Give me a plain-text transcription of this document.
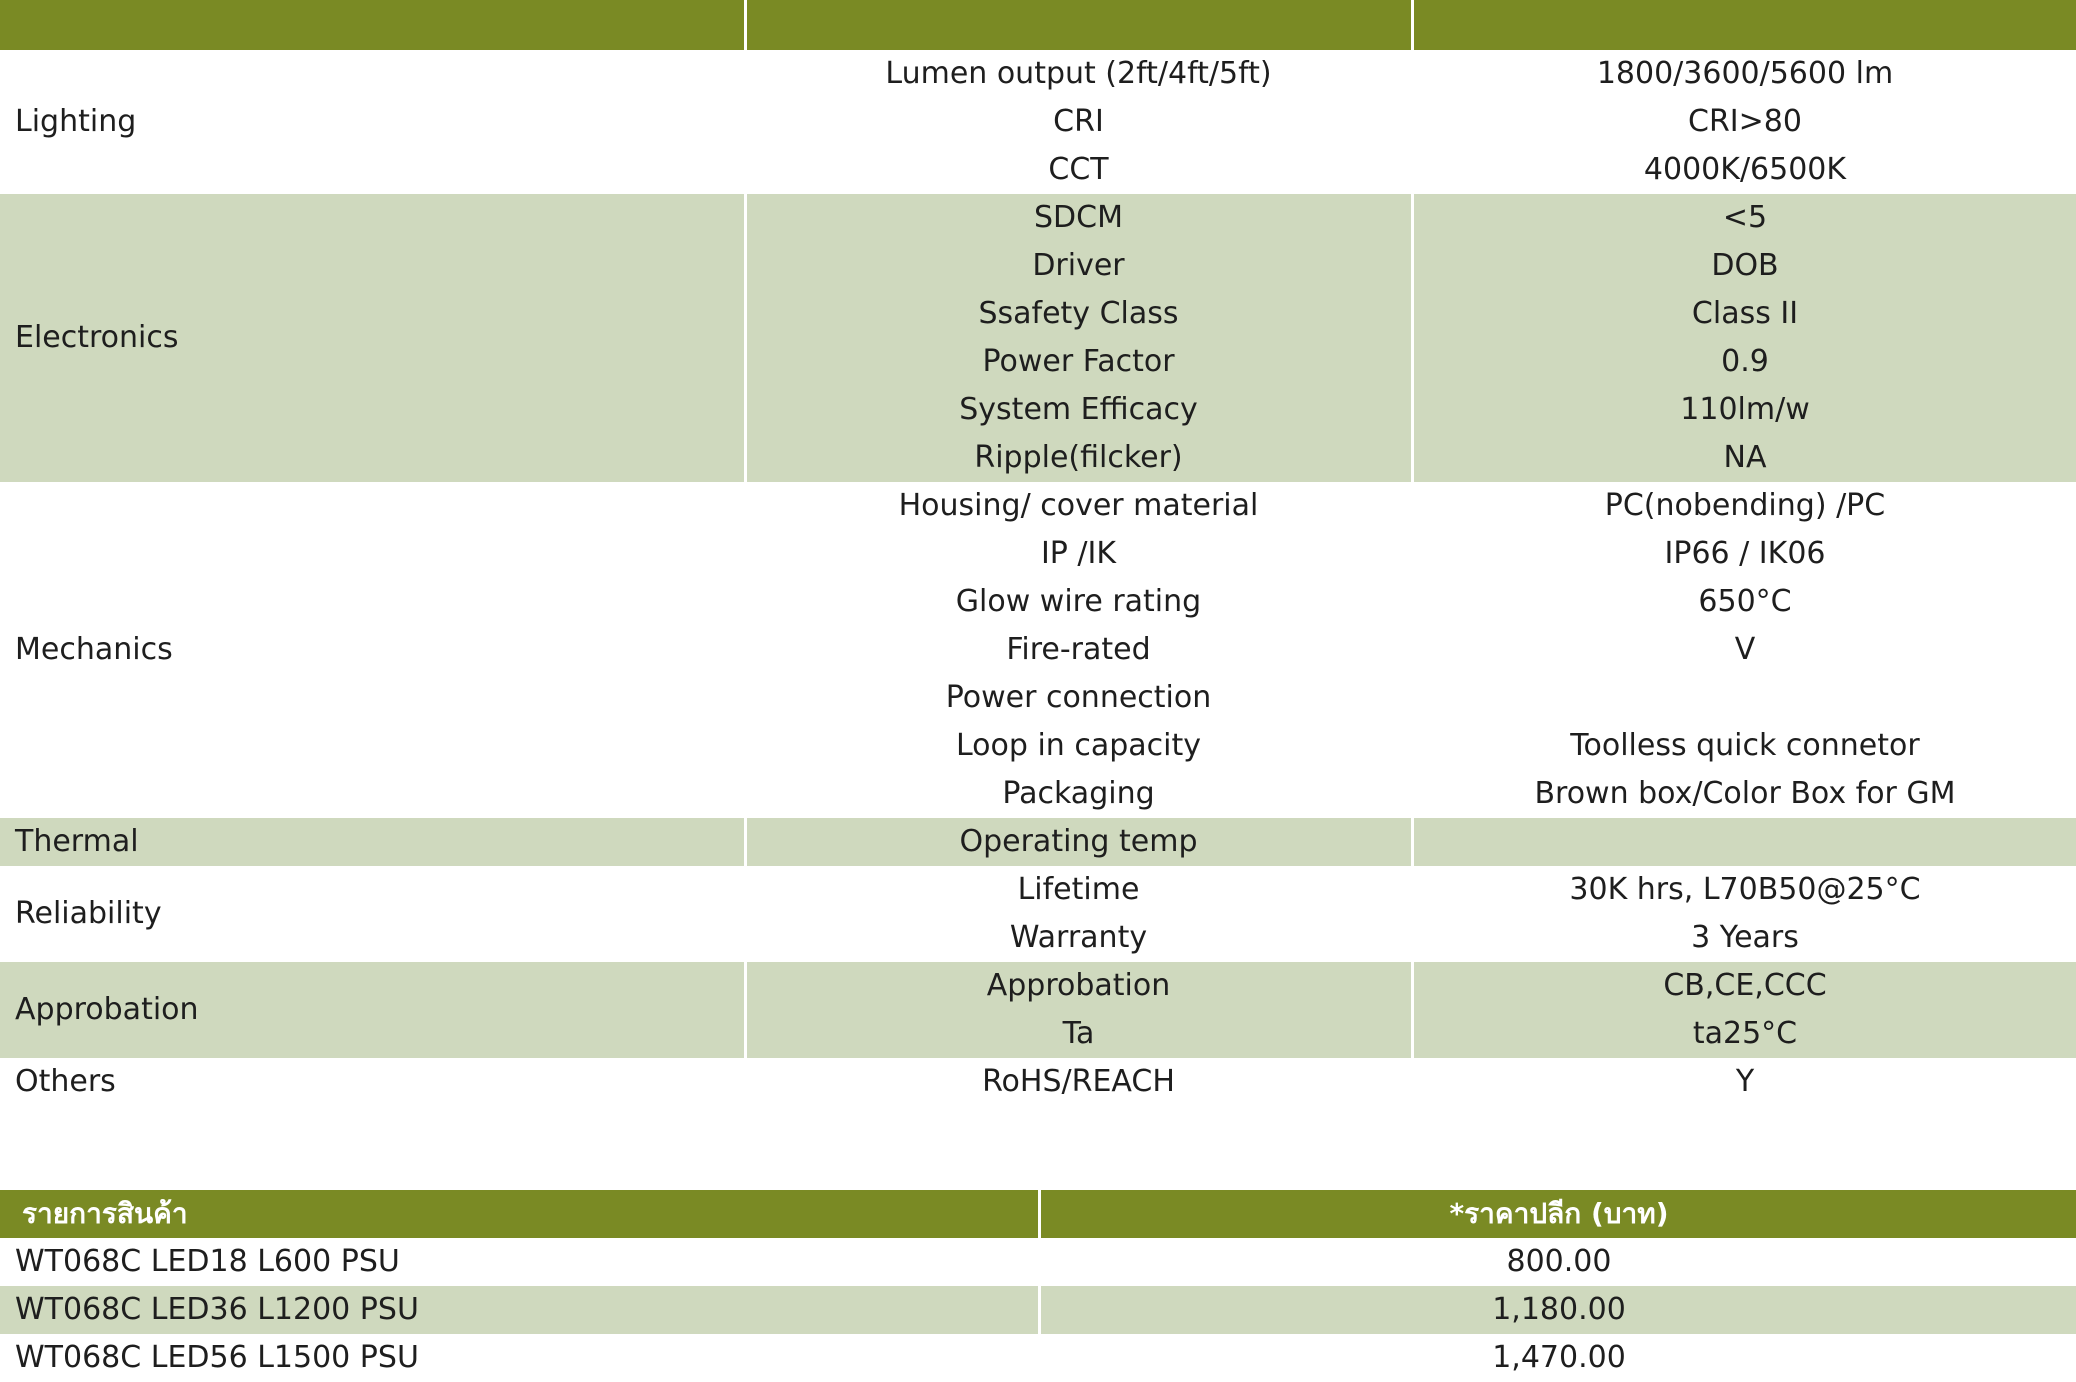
Lighting
Lumen output (2ft/4ft/5ft)	1800/3600/5600 lm
CRI	CRI>80
CCT	4000K/6500K
Electronics
SDCM	<5
Driver	DOB
Ssafety Class	Class II
Power Factor	0.9
System Efficacy	110lm/w
Ripple(filcker)	NA
Mechanics
Housing/ cover material	PC(nobending) /PC
IP /IK	IP66 / IK06
Glow wire rating	650°C
Fire-rated	V
Power connection
Loop in capacity	Toolless quick connetor
Packaging	Brown box/Color Box for GM
Thermal	Operating temp
Reliability
Lifetime	30K hrs, L70B50@25°C
Warranty	3 Years
Approbation
Approbation	CB,CE,CCC
Ta	ta25°C
Others	RoHS/REACH	Y
รายการสินค้า	*ราคาปลีก (บาท)
WT068C LED18 L600 PSU	800.00
WT068C LED36 L1200 PSU	1,180.00
WT068C LED56 L1500 PSU	1,470.00
